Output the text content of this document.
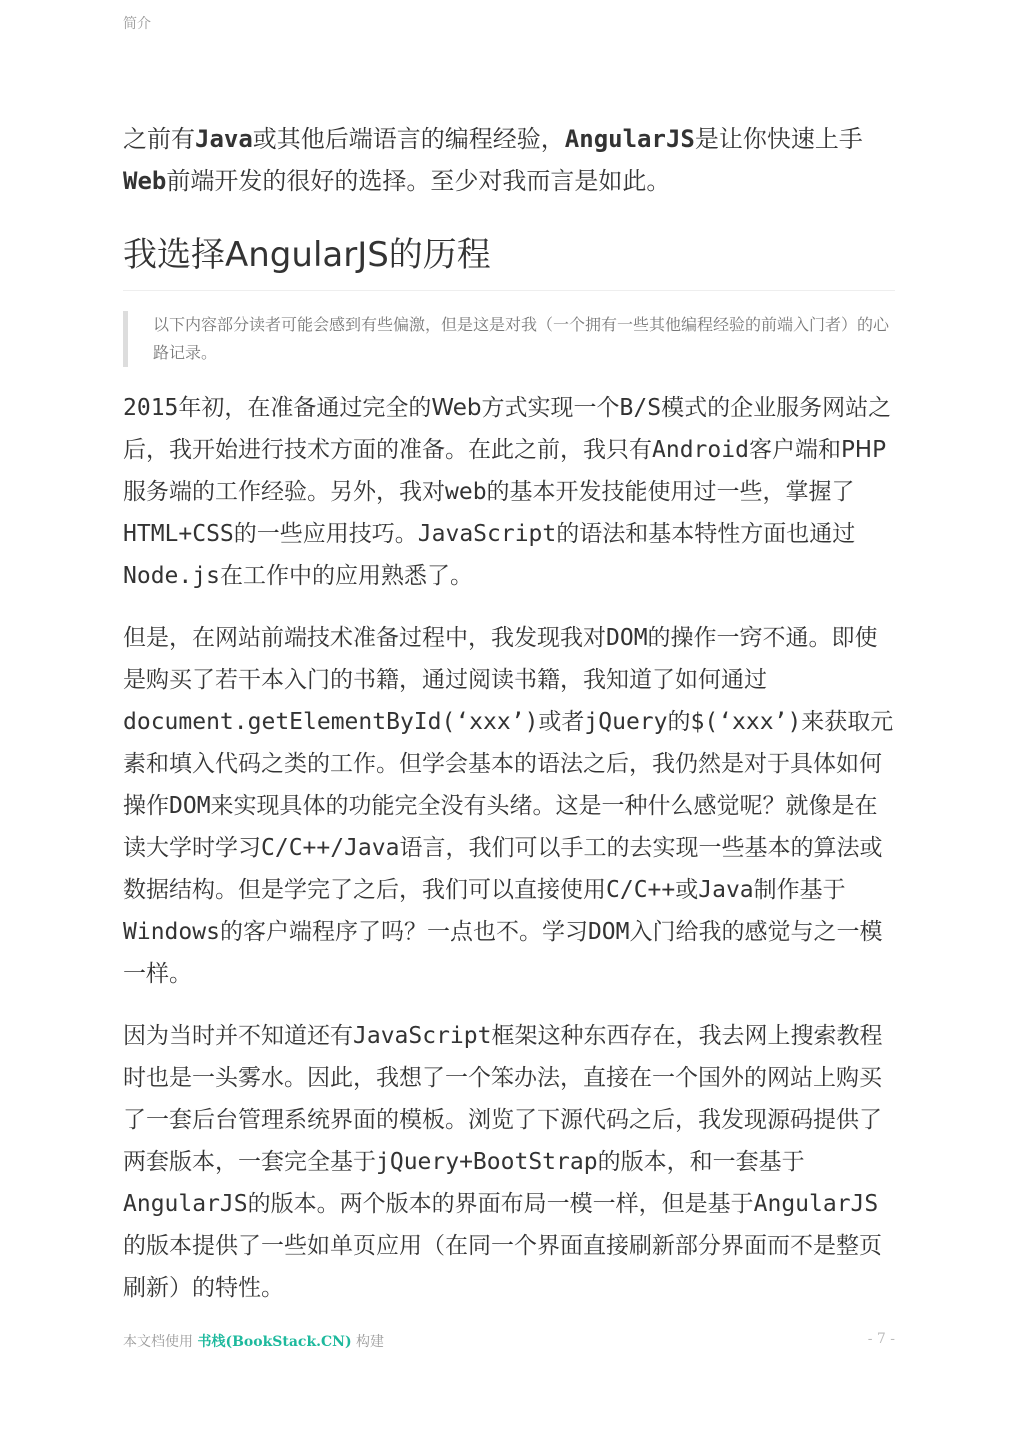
简介

之前有Java或其他后端语言的编程经验，AngularJS是让你快速上手Web前端开发的很好的选择。至少对我而言是如此。

我选择AngularJS的历程
以下内容部分读者可能会感到有些偏激，但是这是对我（一个拥有一些其他编程经验的前端入门者）的心路记录。

2015年初，在准备通过完全的Web方式实现一个B/S模式的企业服务网站之后，我开始进行技术方面的准备。在此之前，我只有Android客户端和PHP服务端的工作经验。另外，我对web的基本开发技能使用过一些，掌握了HTML+CSS的一些应用技巧。JavaScript的语法和基本特性方面也通过Node.js在工作中的应用熟悉了。

但是，在网站前端技术准备过程中，我发现我对DOM的操作一窍不通。即使是购买了若干本入门的书籍，通过阅读书籍，我知道了如何通过document.getElementById(‘xxx’)或者jQuery的$(‘xxx’)来获取元素和填入代码之类的工作。但学会基本的语法之后，我仍然是对于具体如何操作DOM来实现具体的功能完全没有头绪。这是一种什么感觉呢？就像是在读大学时学习C/C++/Java语言，我们可以手工的去实现一些基本的算法或数据结构。但是学完了之后，我们可以直接使用C/C++或Java制作基于Windows的客户端程序了吗？一点也不。学习DOM入门给我的感觉与之一模一样。

因为当时并不知道还有JavaScript框架这种东西存在，我去网上搜索教程时也是一头雾水。因此，我想了一个笨办法，直接在一个国外的网站上购买了一套后台管理系统界面的模板。浏览了下源代码之后，我发现源码提供了两套版本，一套完全基于jQuery+BootStrap的版本，和一套基于AngularJS的版本。两个版本的界面布局一模一样，但是基于AngularJS的版本提供了一些如单页应用（在同一个界面直接刷新部分界面而不是整页刷新）的特性。

本文档使用 书栈(BookStack.CN) 构建	- 7 -
